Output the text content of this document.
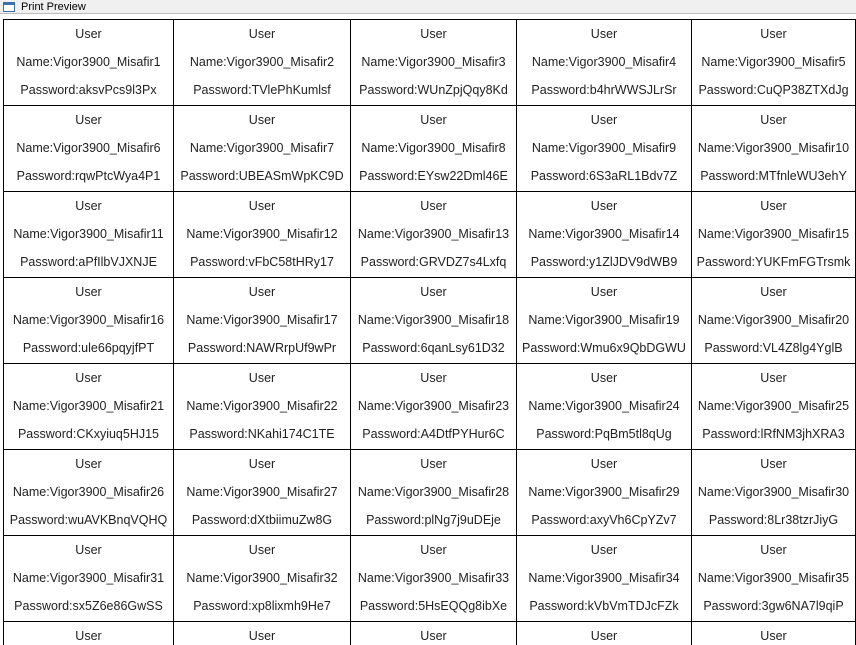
Print Preview
User
Name:Vigor3900_Misafir1
Password:aksvPcs9l3Px
User
Name:Vigor3900_Misafir2
Password:TVlePhKumlsf
User
Name:Vigor3900_Misafir3
Password:WUnZpjQqy8Kd
User
Name:Vigor3900_Misafir4
Password:b4hrWWSJLrSr
User
Name:Vigor3900_Misafir5
Password:CuQP38ZTXdJg
User
Name:Vigor3900_Misafir6
Password:rqwPtcWya4P1
User
Name:Vigor3900_Misafir7
Password:UBEASmWpKC9D
User
Name:Vigor3900_Misafir8
Password:EYsw22Dml46E
User
Name:Vigor3900_Misafir9
Password:6S3aRL1Bdv7Z
User
Name:Vigor3900_Misafir10
Password:MTfnleWU3ehY
User
Name:Vigor3900_Misafir11
Password:aPfIlbVJXNJE
User
Name:Vigor3900_Misafir12
Password:vFbC58tHRy17
User
Name:Vigor3900_Misafir13
Password:GRVDZ7s4Lxfq
User
Name:Vigor3900_Misafir14
Password:y1ZlJDV9dWB9
User
Name:Vigor3900_Misafir15
Password:YUKFmFGTrsmk
User
Name:Vigor3900_Misafir16
Password:ule66pqyjfPT
User
Name:Vigor3900_Misafir17
Password:NAWRrpUf9wPr
User
Name:Vigor3900_Misafir18
Password:6qanLsy61D32
User
Name:Vigor3900_Misafir19
Password:Wmu6x9QbDGWU
User
Name:Vigor3900_Misafir20
Password:VL4Z8lg4YglB
User
Name:Vigor3900_Misafir21
Password:CKxyiuq5HJ15
User
Name:Vigor3900_Misafir22
Password:NKahi174C1TE
User
Name:Vigor3900_Misafir23
Password:A4DtfPYHur6C
User
Name:Vigor3900_Misafir24
Password:PqBm5tl8qUg
User
Name:Vigor3900_Misafir25
Password:lRfNM3jhXRA3
User
Name:Vigor3900_Misafir26
Password:wuAVKBnqVQHQ
User
Name:Vigor3900_Misafir27
Password:dXtbiimuZw8G
User
Name:Vigor3900_Misafir28
Password:plNg7j9uDEje
User
Name:Vigor3900_Misafir29
Password:axyVh6CpYZv7
User
Name:Vigor3900_Misafir30
Password:8Lr38tzrJiyG
User
Name:Vigor3900_Misafir31
Password:sx5Z6e86GwSS
User
Name:Vigor3900_Misafir32
Password:xp8lixmh9He7
User
Name:Vigor3900_Misafir33
Password:5HsEQQg8ibXe
User
Name:Vigor3900_Misafir34
Password:kVbVmTDJcFZk
User
Name:Vigor3900_Misafir35
Password:3gw6NA7l9qiP
User	User	User	User	User
